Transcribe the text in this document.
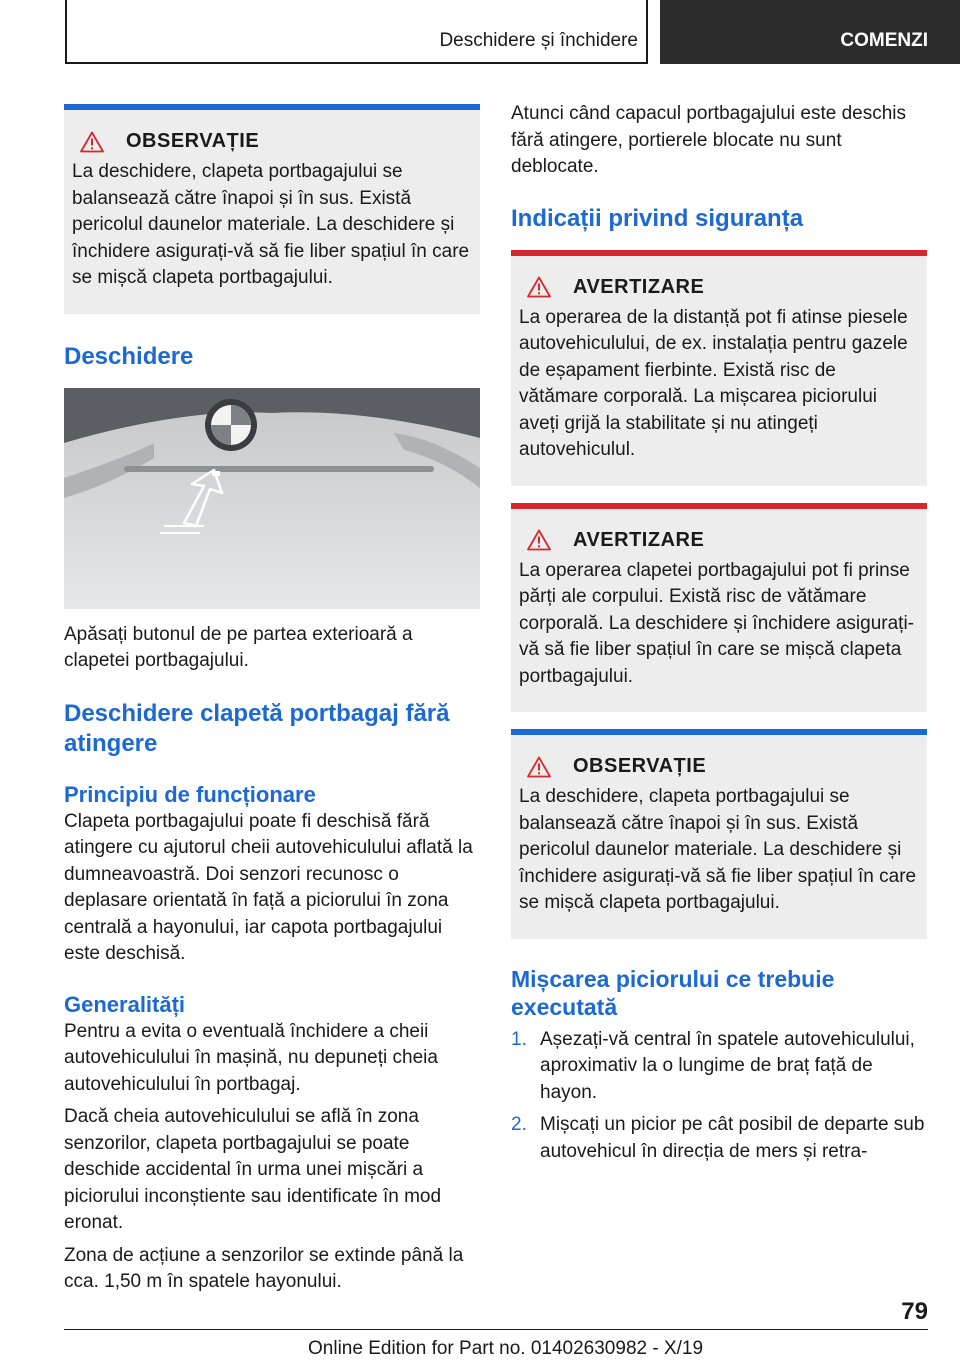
Deschidere și închidere	COMENZI
OBSERVAȚIE
La deschidere, clapeta portbagajului se balansează către înapoi și în sus. Există pericolul daunelor materiale. La deschidere și închidere asigurați-vă să fie liber spațiul în care se mișcă clapeta portbagajului.
Deschidere

Apăsați butonul de pe partea exterioară a clapetei portbagajului.

Deschidere clapetă portbagaj fără atingere
Principiu de funcționare

Clapeta portbagajului poate fi deschisă fără atingere cu ajutorul cheii autovehiculului aflată la dumneavoastră. Doi senzori recunosc o deplasare orientată în față a piciorului în zona centrală a hayonului, iar capota portbagajului este deschisă.

Generalități

Pentru a evita o eventuală închidere a cheii autovehiculului în mașină, nu depuneți cheia autovehiculului în portbagaj.

Dacă cheia autovehiculului se află în zona senzorilor, clapeta portbagajului se poate deschide accidental în urma unei mișcări a piciorului inconștiente sau identificate în mod eronat.

Zona de acțiune a senzorilor se extinde până la cca. 1,50 m în spatele hayonului.

Atunci când capacul portbagajului este deschis fără atingere, portierele blocate nu sunt deblocate.

Indicații privind siguranța
AVERTIZARE
La operarea de la distanță pot fi atinse piesele autovehiculului, de ex. instalația pentru gazele de eșapament fierbinte. Există risc de vătămare corporală. La mișcarea piciorului aveți grijă la stabilitate și nu atingeți autovehiculul.
AVERTIZARE
La operarea clapetei portbagajului pot fi prinse părți ale corpului. Există risc de vătămare corporală. La deschidere și închidere asigurați-vă să fie liber spațiul în care se mișcă clapeta portbagajului.
OBSERVAȚIE
La deschidere, clapeta portbagajului se balansează către înapoi și în sus. Există pericolul daunelor materiale. La deschidere și închidere asigurați-vă să fie liber spațiul în care se mișcă clapeta portbagajului.
Mișcarea piciorului ce trebuie executată
1. Așezați-vă central în spatele autovehiculului, aproximativ la o lungime de braț față de hayon.
2. Mișcați un picior pe cât posibil de departe sub autovehicul în direcția de mers și retra-
79
Online Edition for Part no. 01402630982 - X/19
